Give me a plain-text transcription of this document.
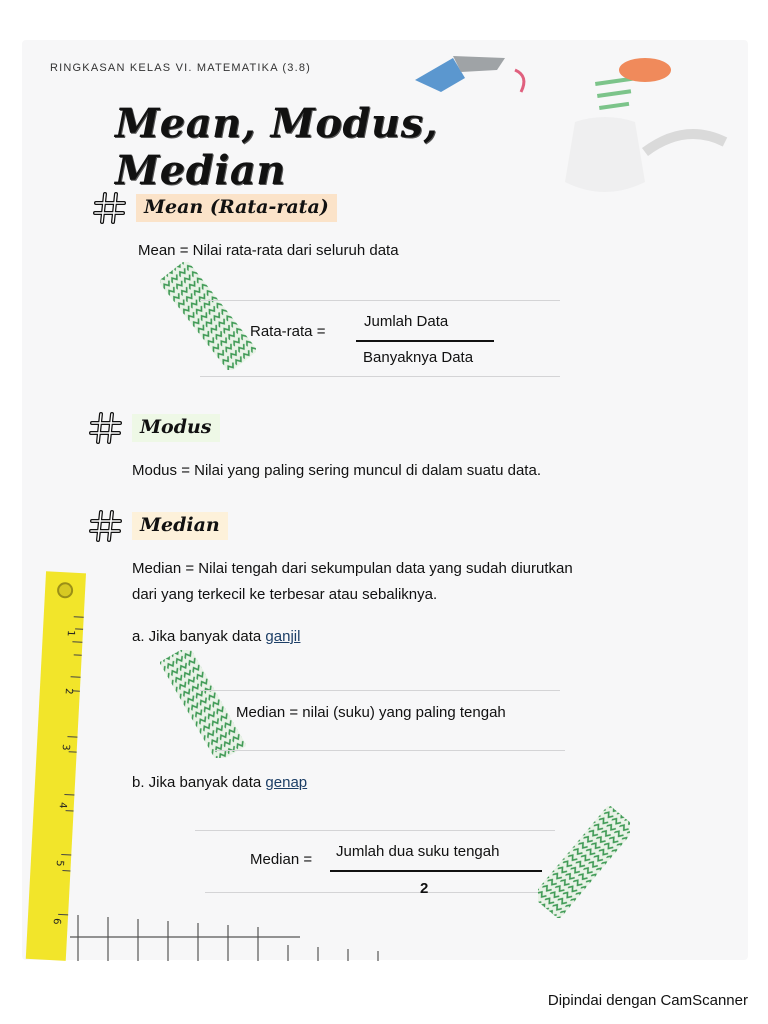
RINGKASAN KELAS VI. MATEMATIKA (3.8)
Mean, Modus, Median
Mean (Rata-rata)
Mean = Nilai rata-rata dari seluruh data
Rata-rata =
Jumlah Data
Banyaknya Data
Modus
Modus = Nilai yang paling sering muncul di dalam suatu data.
Median
Median = Nilai tengah dari sekumpulan data yang sudah diurutkan
dari yang terkecil ke terbesar atau sebaliknya.
a. Jika banyak data ganjil
Median = nilai (suku) yang paling tengah
b. Jika banyak data genap
Median = Jumlah dua suku tengah
2
1
2
3
4
5
6
Dipindai dengan CamScanner
